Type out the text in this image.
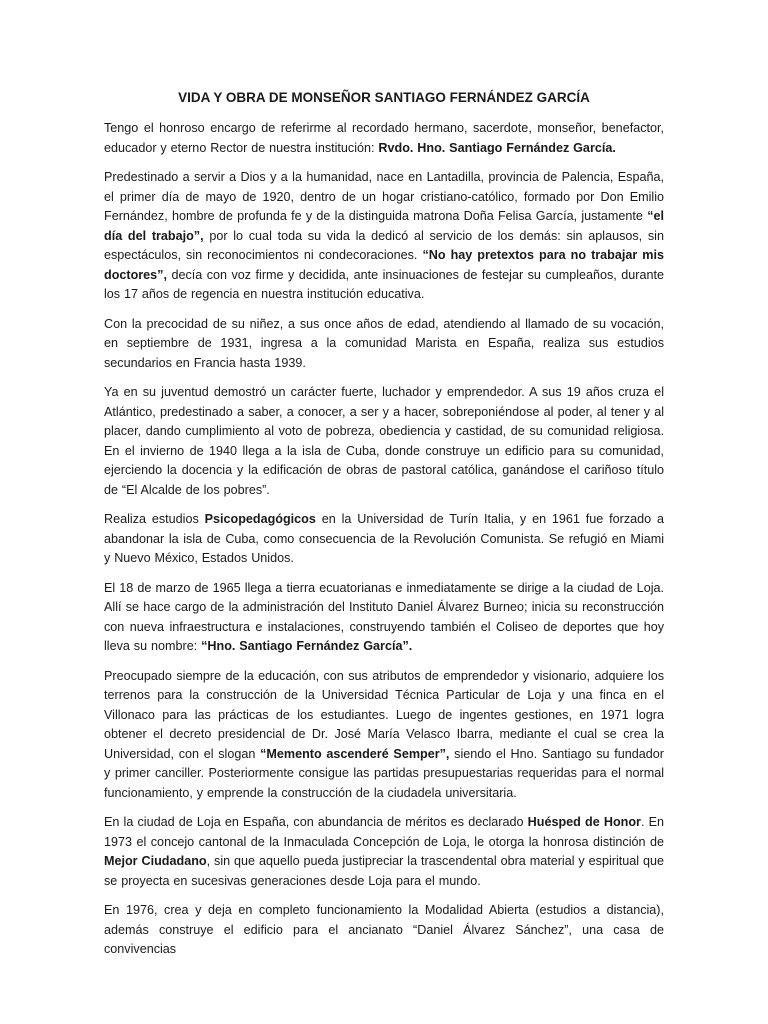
VIDA Y OBRA DE MONSEÑOR SANTIAGO FERNÁNDEZ GARCÍA

Tengo el honroso encargo de referirme al recordado hermano, sacerdote, monseñor, benefactor, educador y eterno Rector de nuestra institución: Rvdo. Hno. Santiago Fernández García.

Predestinado a servir a Dios y a la humanidad, nace en Lantadilla, provincia de Palencia, España, el primer día de mayo de 1920, dentro de un hogar cristiano-católico, formado por Don Emilio Fernández, hombre de profunda fe y de la distinguida matrona Doña Felisa García, justamente “el día del trabajo”, por lo cual toda su vida la dedicó al servicio de los demás: sin aplausos, sin espectáculos, sin reconocimientos ni condecoraciones. “No hay pretextos para no trabajar mis doctores”, decía con voz firme y decidida, ante insinuaciones de festejar su cumpleaños, durante los 17 años de regencia en nuestra institución educativa.

Con la precocidad de su niñez, a sus once años de edad, atendiendo al llamado de su vocación, en septiembre de 1931, ingresa a la comunidad Marista en España, realiza sus estudios secundarios en Francia hasta 1939.

Ya en su juventud demostró un carácter fuerte, luchador y emprendedor. A sus 19 años cruza el Atlántico, predestinado a saber, a conocer, a ser y a hacer, sobreponiéndose al poder, al tener y al placer, dando cumplimiento al voto de pobreza, obediencia y castidad, de su comunidad religiosa. En el invierno de 1940 llega a la isla de Cuba, donde construye un edificio para su comunidad, ejerciendo la docencia y la edificación de obras de pastoral católica, ganándose el cariñoso título de “El Alcalde de los pobres”.

Realiza estudios Psicopedagógicos en la Universidad de Turín Italia, y en 1961 fue forzado a abandonar la isla de Cuba, como consecuencia de la Revolución Comunista. Se refugió en Miami y Nuevo México, Estados Unidos.

El 18 de marzo de 1965 llega a tierra ecuatorianas e inmediatamente se dirige a la ciudad de Loja. Allí se hace cargo de la administración del Instituto Daniel Álvarez Burneo; inicia su reconstrucción con nueva infraestructura e instalaciones, construyendo también el Coliseo de deportes que hoy lleva su nombre: “Hno. Santiago Fernández García”.

Preocupado siempre de la educación, con sus atributos de emprendedor y visionario, adquiere los terrenos para la construcción de la Universidad Técnica Particular de Loja y una finca en el Villonaco para las prácticas de los estudiantes. Luego de ingentes gestiones, en 1971 logra obtener el decreto presidencial de Dr. José María Velasco Ibarra, mediante el cual se crea la Universidad, con el slogan “Memento ascenderé Semper”, siendo el Hno. Santiago su fundador y primer canciller. Posteriormente consigue las partidas presupuestarias requeridas para el normal funcionamiento, y emprende la construcción de la ciudadela universitaria.

En la ciudad de Loja en España, con abundancia de méritos es declarado Huésped de Honor. En 1973 el concejo cantonal de la Inmaculada Concepción de Loja, le otorga la honrosa distinción de Mejor Ciudadano, sin que aquello pueda justipreciar la trascendental obra material y espiritual que se proyecta en sucesivas generaciones desde Loja para el mundo.

En 1976, crea y deja en completo funcionamiento la Modalidad Abierta (estudios a distancia), además construye el edificio para el ancianato “Daniel Álvarez Sánchez”, una casa de convivencias
